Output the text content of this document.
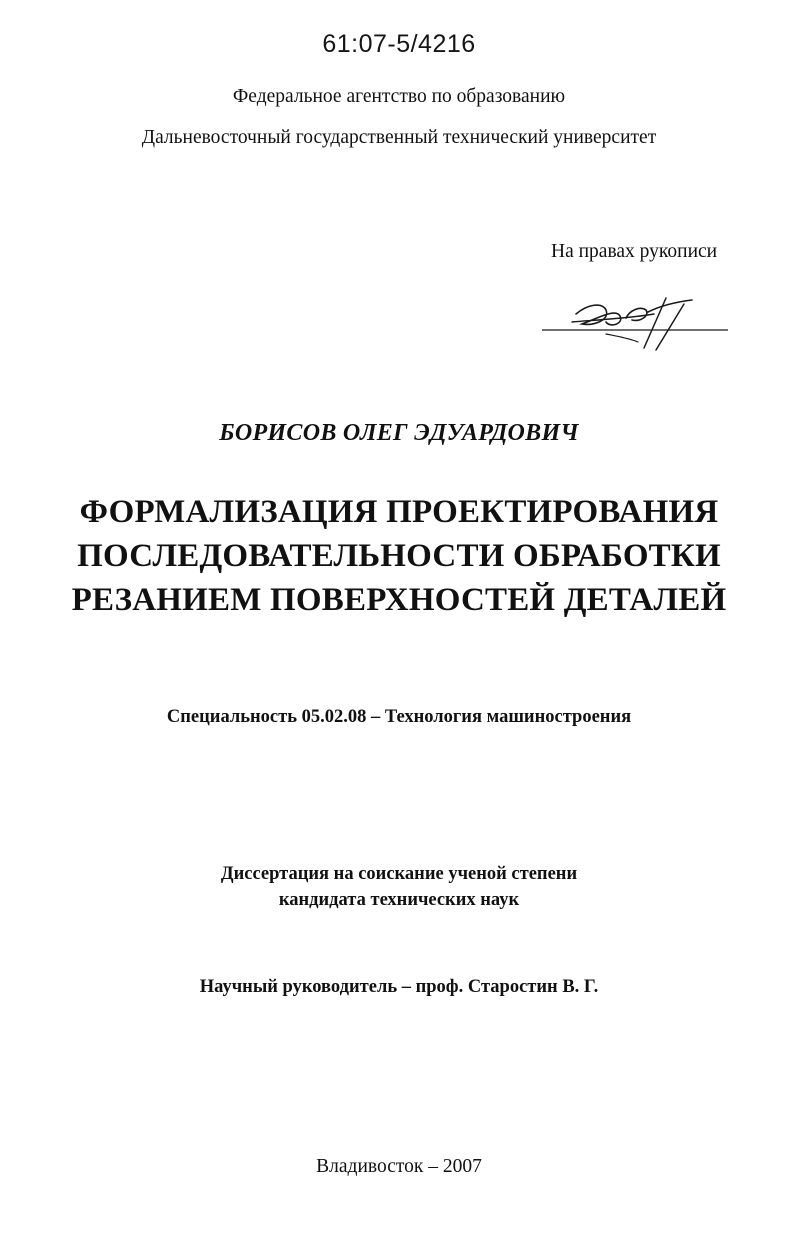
61:07-5/4216
Федеральное агентство по образованию
Дальневосточный государственный технический университет
На правах рукописи
БОРИСОВ ОЛЕГ ЭДУАРДОВИЧ
ФОРМАЛИЗАЦИЯ ПРОЕКТИРОВАНИЯ
ПОСЛЕДОВАТЕЛЬНОСТИ ОБРАБОТКИ
РЕЗАНИЕМ ПОВЕРХНОСТЕЙ ДЕТАЛЕЙ
Специальность 05.02.08 – Технология машиностроения
Диссертация на соискание ученой степени
кандидата технических наук
Научный руководитель – проф. Старостин В. Г.
Владивосток – 2007
